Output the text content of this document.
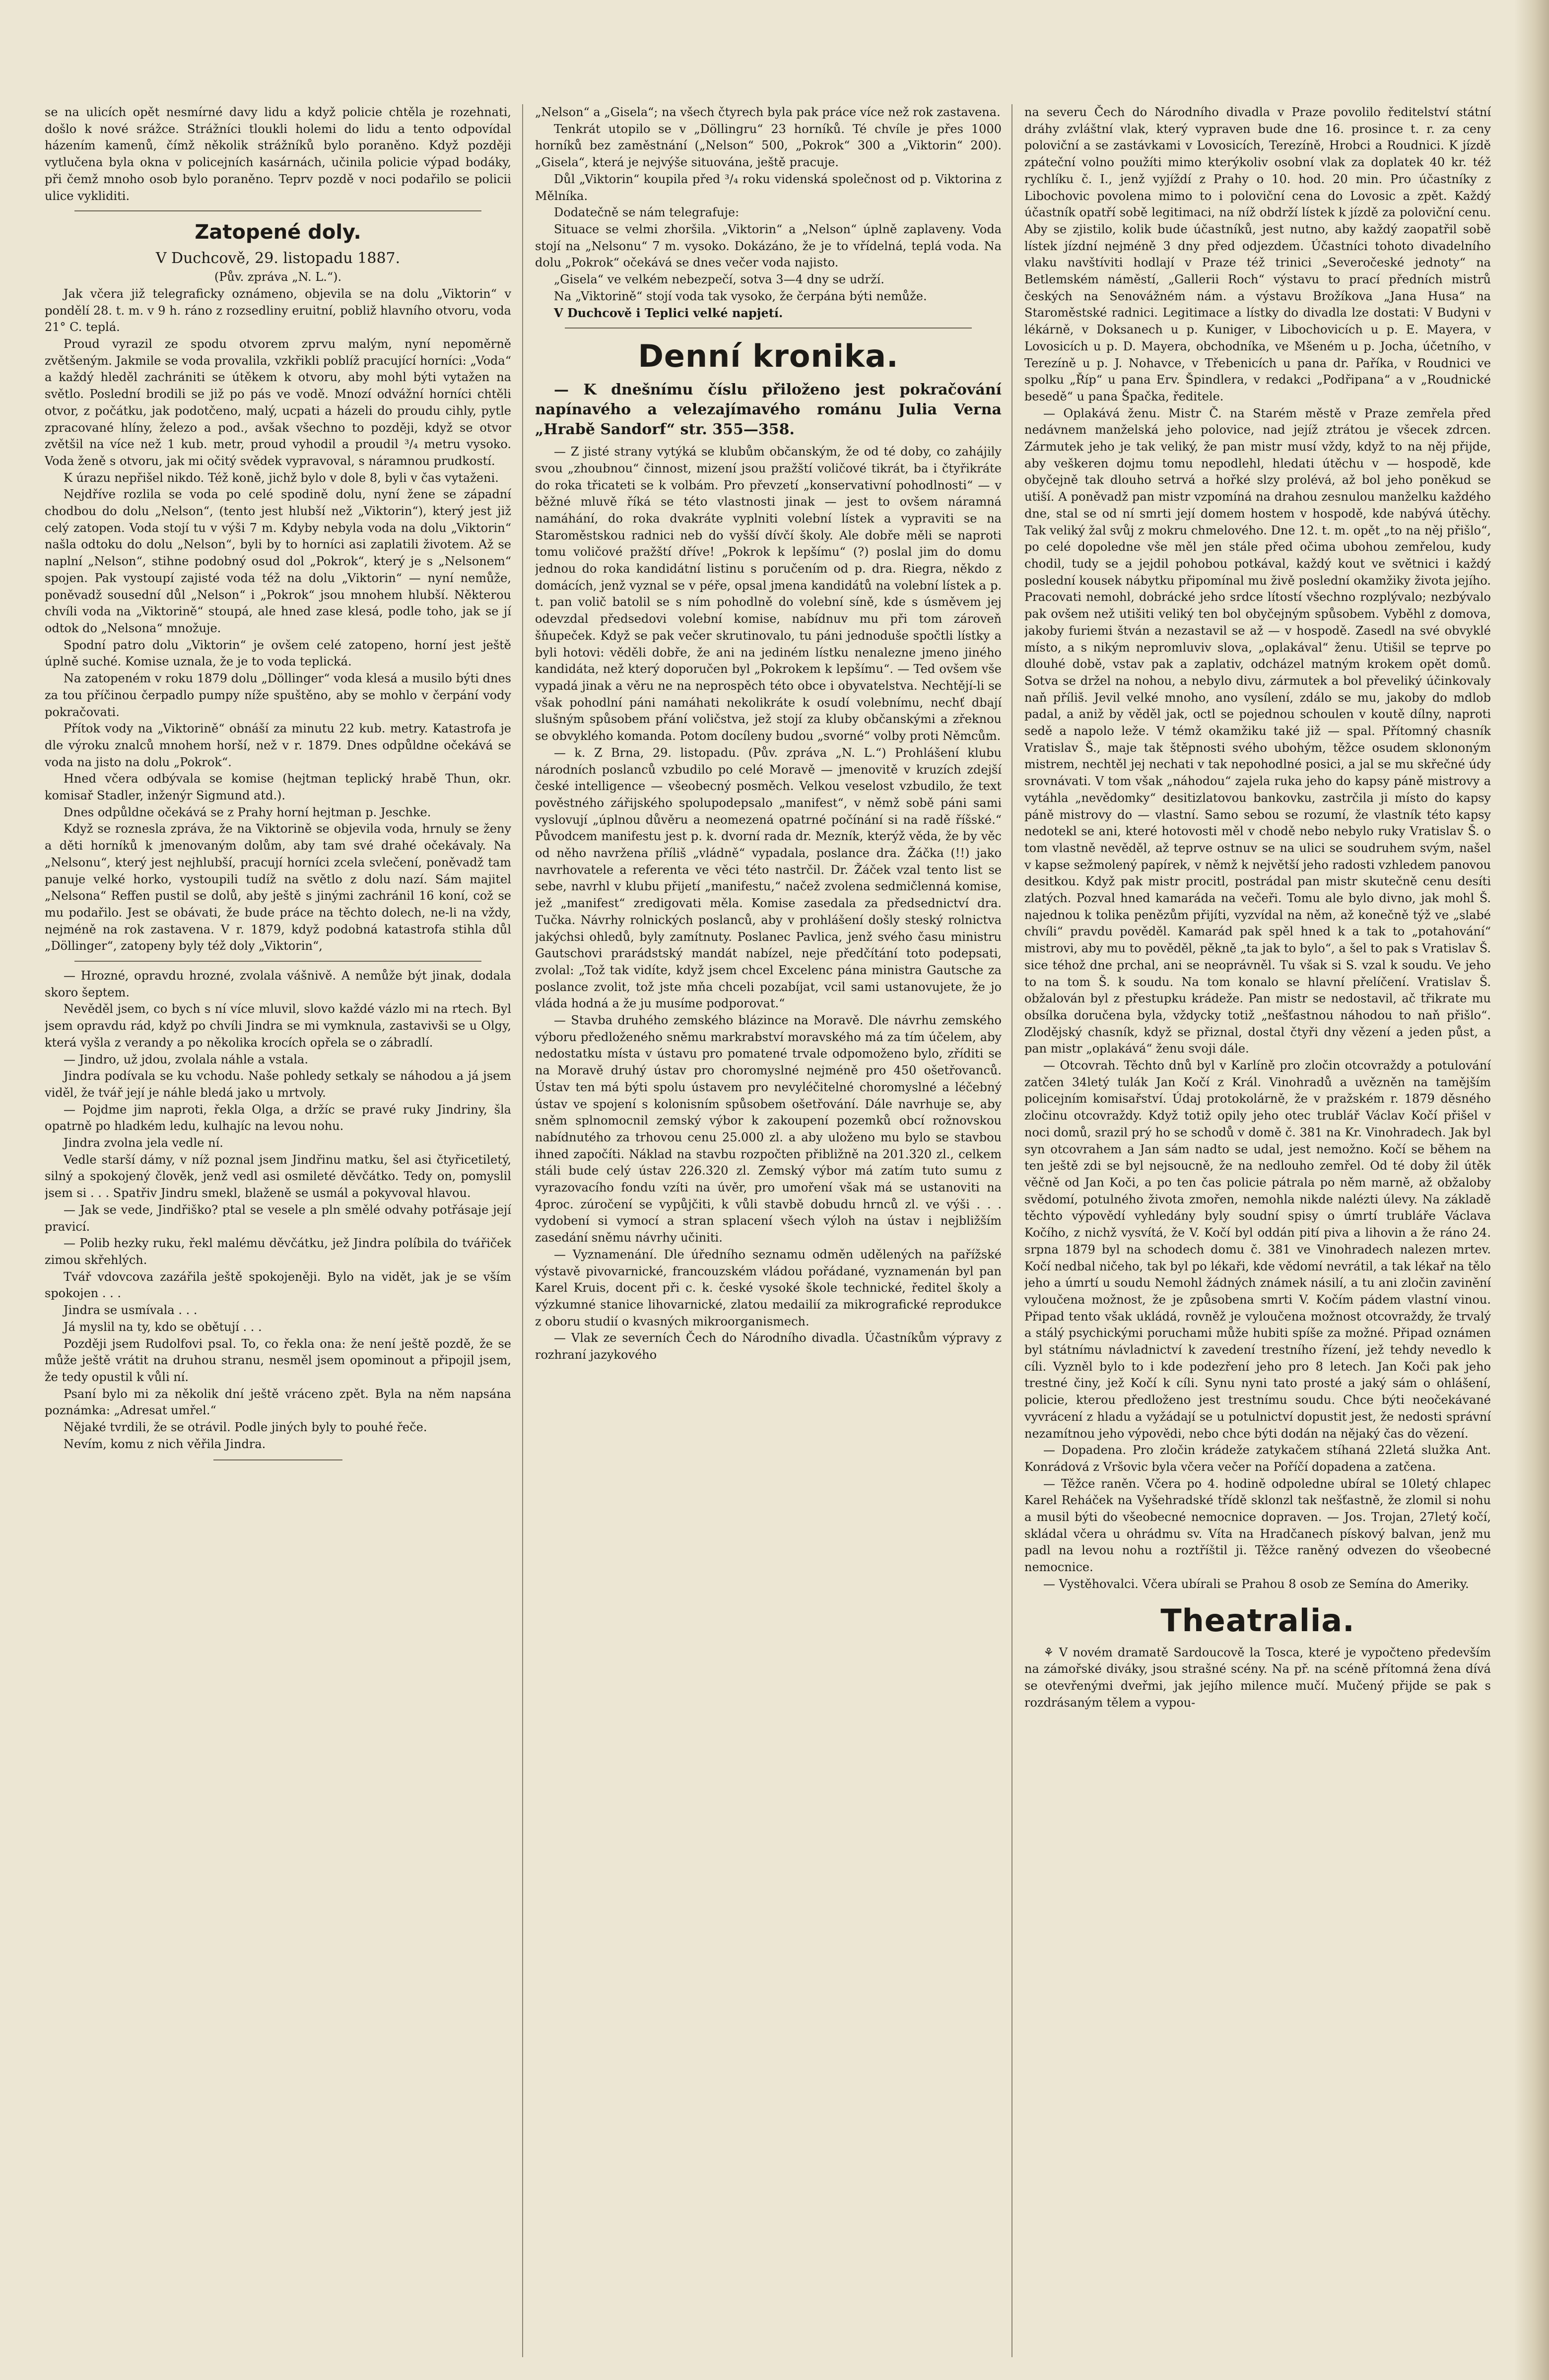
se na ulicích opět nesmírné davy lidu a když policie chtěla je rozehnati, došlo k nové srážce. Strážníci tloukli holemi do lidu a tento odpovídal házením kamenů, čímž několik strážníků bylo poraněno. Když později vytlučena byla okna v policejních kasárnách, učinila policie výpad bodáky, při čemž mnoho osob bylo poraněno. Teprv pozdě v noci podařilo se policii ulice vykliditi.

Zatopené doly.

V Duchcově, 29. listopadu 1887.

(Pův. zpráva „N. L.“).

Jak včera již telegraficky oznámeno, objevila se na dolu „Viktorin“ v pondělí 28. t. m. v 9 h. ráno z rozsedliny eruitní, pobliž hlavního otvoru, voda 21° C. teplá.

Proud vyrazil ze spodu otvorem zprvu malým, nyní nepoměrně zvětšeným. Jakmile se voda provalila, vzkřikli poblíž pracující horníci: „Voda“ a každý hleděl zachrániti se útěkem k otvoru, aby mohl býti vytažen na světlo. Poslední brodili se již po pás ve vodě. Mnozí odvážní horníci chtěli otvor, z počátku, jak podotčeno, malý, ucpati a házeli do proudu cihly, pytle zpracované hlíny, železo a pod., avšak všechno to později, když se otvor zvětšil na více než 1 kub. metr, proud vyhodil a proudil ³/₄ metru vysoko. Voda ženě s otvoru, jak mi očitý svědek vypravoval, s náramnou prudkostí.

K úrazu nepřišel nikdo. Též koně, jichž bylo v dole 8, byli v čas vytaženi.

Nejdříve rozlila se voda po celé spodině dolu, nyní žene se západní chodbou do dolu „Nelson“, (tento jest hlubší než „Viktorin“), který jest již celý zatopen. Voda stojí tu v výši 7 m. Kdyby nebyla voda na dolu „Viktorin“ našla odtoku do dolu „Nelson“, byli by to horníci asi zaplatili životem. Až se naplní „Nelson“, stihne podobný osud dol „Pokrok“, který je s „Nelsonem“ spojen. Pak vystoupí zajisté voda též na dolu „Viktorin“ — nyní nemůže, poněvadž sousední důl „Nelson“ i „Pokrok“ jsou mnohem hlubší. Některou chvíli voda na „Viktorině“ stoupá, ale hned zase klesá, podle toho, jak se jí odtok do „Nelsona“ množuje.

Spodní patro dolu „Viktorin“ je ovšem celé zatopeno, horní jest ještě úplně suché. Komise uznala, že je to voda teplická.

Na zatopeném v roku 1879 dolu „Döllinger“ voda klesá a musilo býti dnes za tou příčinou čerpadlo pumpy níže spuštěno, aby se mohlo v čerpání vody pokračovati.

Přítok vody na „Viktorině“ obnáší za minutu 22 kub. metry. Katastrofa je dle výroku znalců mnohem horší, než v r. 1879. Dnes odpůldne očekává se voda na jisto na dolu „Pokrok“.

Hned včera odbývala se komise (hejtman teplický hrabě Thun, okr. komisař Stadler, inženýr Sigmund atd.).

Dnes odpůldne očekává se z Prahy horní hejtman p. Jeschke.

Když se roznesla zpráva, že na Viktorině se objevila voda, hrnuly se ženy a děti horníků k jmenovaným dolům, aby tam své drahé očekávaly. Na „Nelsonu“, který jest nejhlubší, pracují horníci zcela svlečení, poněvadž tam panuje velké horko, vystoupili tudíž na světlo z dolu nazí. Sám majitel „Nelsona“ Reffen pustil se dolů, aby ještě s jinými zachránil 16 koní, což se mu podařilo. Jest se obávati, že bude práce na těchto dolech, ne-li na vždy, nejméně na rok zastavena. V r. 1879, když podobná katastrofa stihla důl „Döllinger“, zatopeny byly též doly „Viktorin“,

— Hrozné, opravdu hrozné, zvolala vášnivě. A nemůže být jinak, dodala skoro šeptem.

Nevěděl jsem, co bych s ní více mluvil, slovo každé vázlo mi na rtech. Byl jsem opravdu rád, když po chvíli Jindra se mi vymknula, zastavivši se u Olgy, která vyšla z verandy a po několika krocích opřela se o zábradlí.

— Jindro, už jdou, zvolala náhle a vstala.

Jindra podívala se ku vchodu. Naše pohledy setkaly se náhodou a já jsem viděl, že tvář její je náhle bledá jako u mrtvoly.

— Pojdme jim naproti, řekla Olga, a držíc se pravé ruky Jindriny, šla opatrně po hladkém ledu, kulhajíc na levou nohu.

Jindra zvolna jela vedle ní.

Vedle starší dámy, v níž poznal jsem Jindřinu matku, šel asi čtyřicetiletý, silný a spokojený člověk, jenž vedl asi osmileté děvčátko. Tedy on, pomyslil jsem si . . . Spatřiv Jindru smekl, blaženě se usmál a pokyvoval hlavou.

— Jak se vede, Jindřiško? ptal se vesele a pln smělé odvahy potřásaje její pravicí.

— Polib hezky ruku, řekl malému děvčátku, jež Jindra políbila do tvářiček zimou skřehlých.

Tvář vdovcova zazářila ještě spokojeněji. Bylo na vidět, jak je se vším spokojen . . .

Jindra se usmívala . . .

Já myslil na ty, kdo se obětují . . .

Později jsem Rudolfovi psal. To, co řekla ona: že není ještě pozdě, že se může ještě vrátit na druhou stranu, nesměl jsem opominout a připojil jsem, že tedy opustil k vůli ní.

Psaní bylo mi za několik dní ještě vráceno zpět. Byla na něm napsána poznámka: „Adresat umřel.“

Nějaké tvrdili, že se otrávil. Podle jiných byly to pouhé řeče.

Nevím, komu z nich věřila Jindra.

„Nelson“ a „Gisela“; na všech čtyrech byla pak práce více než rok zastavena.

Tenkrát utopilo se v „Döllingru“ 23 horníků. Té chvíle je přes 1000 horníků bez zaměstnání („Nelson“ 500, „Pokrok“ 300 a „Viktorin“ 200). „Gisela“, která je nejvýše situována, ještě pracuje.

Důl „Viktorin“ koupila před ³/₄ roku videnská společnost od p. Viktorina z Mělníka.

Dodatečně se nám telegrafuje:

Situace se velmi zhoršila. „Viktorin“ a „Nelson“ úplně zaplaveny. Voda stojí na „Nelsonu“ 7 m. vysoko. Dokázáno, že je to vřídelná, teplá voda. Na dolu „Pokrok“ očekává se dnes večer voda najisto.

„Gisela“ ve velkém nebezpečí, sotva 3—4 dny se udrží.

Na „Viktorině“ stojí voda tak vysoko, že čerpána býti nemůže.

V Duchcově i Teplici velké napjetí.

Denní kronika.

— K dnešnímu číslu přiloženo jest pokračování napínavého a velezajímavého románu Julia Verna „Hrabě Sandorf“ str. 355—358.

— Z jisté strany vytýká se klubům občanským, že od té doby, co zahájily svou „zhoubnou“ činnost, mizení jsou pražští voličové tikrát, ba i čtyřikráte do roka třicateti se k volbám. Pro převzetí „konservativní pohodlnosti“ — v běžné mluvě říká se této vlastnosti jinak — jest to ovšem náramná namáhání, do roka dvakráte vyplniti volební lístek a vypraviti se na Staroměstskou radnici neb do vyšší dívčí školy. Ale dobře měli se naproti tomu voličové pražští dříve! „Pokrok k lepšímu“ (?) poslal jim do domu jednou do roka kandidátní listinu s poručením od p. dra. Riegra, někdo z domácích, jenž vyznal se v péře, opsal jmena kandidátů na volební lístek a p. t. pan volič batolil se s ním pohodlně do volební síně, kde s úsměvem jej odevzdal předsedovi volební komise, nabídnuv mu při tom zároveň šňupeček. Když se pak večer skrutinovalo, tu páni jednoduše spočtli lístky a byli hotovi: věděli dobře, že ani na jediném lístku nenalezne jmeno jiného kandidáta, než který doporučen byl „Pokrokem k lepšímu“. — Ted ovšem vše vypadá jinak a věru ne na neprospěch této obce i obyvatelstva. Nechtějí-li se však pohodlní páni namáhati nekolikráte k osudí volebnímu, nechť dbají slušným spůsobem přání voličstva, jež stojí za kluby občanskými a zřeknou se obvyklého komanda. Potom docíleny budou „svorné“ volby proti Němcům.

— k. Z Brna, 29. listopadu. (Pův. zpráva „N. L.“) Prohlášení klubu národních poslanců vzbudilo po celé Moravě — jmenovitě v kruzích zdejší české intelligence — všeobecný posměch. Velkou veselost vzbudilo, že text pověstného zářijského spolupodepsalo „manifest“, v němž sobě páni sami vyslovují „úplnou důvěru a neomezená opatrné počínání si na radě říšské.“ Původcem manifestu jest p. k. dvorní rada dr. Mezník, kterýž věda, že by věc od něho navržena příliš „vládně“ vypadala, poslance dra. Žáčka (!!) jako navrhovatele a referenta ve věci této nastrčil. Dr. Žáček vzal tento list se sebe, navrhl v klubu přijetí „manifestu,“ načež zvolena sedmičlenná komise, jež „manifest“ zredigovati měla. Komise zasedala za předsednictví dra. Tučka. Návrhy rolnických poslanců, aby v prohlášení došly steský rolnictva jakýchsi ohledů, byly zamítnuty. Poslanec Pavlica, jenž svého času ministru Gautschovi prarádstský mandát nabízel, neje předčítání toto podepsati, zvolal: „Tož tak vidíte, když jsem chcel Excelenc pána ministra Gautsche za poslance zvolit, tož jste mňa chceli pozabíjat, vcil sami ustanovujete, že jo vláda hodná a že ju musíme podporovat.“

— Stavba druhého zemského blázince na Moravě. Dle návrhu zemského výboru předloženého sněmu markrabství moravského má za tím účelem, aby nedostatku místa v ústavu pro pomatené trvale odpomoženo bylo, zříditi se na Moravě druhý ústav pro choromyslné nejméně pro 450 ošetřovanců. Ústav ten má býti spolu ústavem pro nevyléčitelné choromyslné a léčebný ústav ve spojení s kolonisním spůsobem ošetřování. Dále navrhuje se, aby sněm splnomocnil zemský výbor k zakoupení pozemků obcí rožnovskou nabídnutého za trhovou cenu 25.000 zl. a aby uloženo mu bylo se stavbou ihned započíti. Náklad na stavbu rozpočten přibližně na 201.320 zl., celkem stáli bude celý ústav 226.320 zl. Zemský výbor má zatím tuto sumu z vyrazovacího fondu vzíti na úvěr, pro umoření však má se ustanoviti na 4proc. zúročení se vypůjčiti, k vůli stavbě dobudu hrnců zl. ve výši . . . vydobení si vymocí a stran splacení všech výloh na ústav i nejbližším zasedání sněmu návrhy učiniti.

— Vyznamenání. Dle úředního seznamu odměn udělených na pařížské výstavě pivovarnické, francouzském vládou pořádané, vyznamenán byl pan Karel Kruis, docent při c. k. české vysoké škole technické, ředitel školy a výzkumné stanice lihovarnické, zlatou medailií za mikrografické reprodukce z oboru studií o kvasných mikroorganismech.

— Vlak ze severních Čech do Národního divadla. Účastníkům výpravy z rozhraní jazykového

na severu Čech do Národního divadla v Praze povolilo ředitelství státní dráhy zvláštní vlak, který vypraven bude dne 16. prosince t. r. za ceny poloviční a se zastávkami v Lovosicích, Terezíně, Hrobci a Roudnici. K jízdě zpáteční volno použíti mimo kterýkoliv osobní vlak za doplatek 40 kr. též rychlíku č. I., jenž vyjíždí z Prahy o 10. hod. 20 min. Pro účastníky z Libochovic povolena mimo to i poloviční cena do Lovosic a zpět. Každý účastník opatří sobě legitimaci, na níž obdrží lístek k jízdě za poloviční cenu. Aby se zjistilo, kolik bude účastníků, jest nutno, aby každý zaopatřil sobě lístek jízdní nejméně 3 dny před odjezdem. Účastníci tohoto divadelního vlaku navštíviti hodlají v Praze též trinici „Severočeské jednoty“ na Betlemském náměstí, „Gallerii Roch“ výstavu to prací předních mistrů českých na Senovážném nám. a výstavu Brožíkova „Jana Husa“ na Staroměstské radnici. Legitimace a lístky do divadla lze dostati: V Budyni v lékárně, v Doksanech u p. Kuniger, v Libochovicích u p. E. Mayera, v Lovosicích u p. D. Mayera, obchodníka, ve Mšeném u p. Jocha, účetního, v Terezíně u p. J. Nohavce, v Třebenicích u pana dr. Paříka, v Roudnici ve spolku „Říp“ u pana Erv. Špindlera, v redakci „Podřipana“ a v „Roudnické besedě“ u pana Špačka, ředitele.

— Oplakává ženu. Mistr Č. na Starém městě v Praze zemřela před nedávnem manželská jeho polovice, nad jejíž ztrátou je všecek zdrcen. Zármutek jeho je tak veliký, že pan mistr musí vždy, když to na něj přijde, aby veškeren dojmu tomu nepodlehl, hledati útěchu v — hospodě, kde obyčejně tak dlouho setrvá a hořké slzy prolévá, až bol jeho poněkud se utiší. A poněvadž pan mistr vzpomíná na drahou zesnulou manželku každého dne, stal se od ní smrti její domem hostem v hospodě, kde nabývá útěchy. Tak veliký žal svůj z mokru chmelového. Dne 12. t. m. opět „to na něj přišlo“, po celé dopoledne vše měl jen stále před očima ubohou zemřelou, kudy chodil, tudy se a jejdil pohobou potkával, každý kout ve světnici i každý poslední kousek nábytku připomínal mu živě poslední okamžiky života jejího. Pracovati nemohl, dobrácké jeho srdce lítostí všechno rozplývalo; nezbývalo pak ovšem než utišiti veliký ten bol obyčejným spůsobem. Vyběhl z domova, jakoby furiemi štván a nezastavil se až — v hospodě. Zasedl na své obvyklé místo, a s nikým nepromluviv slova, „oplakával“ ženu. Utišil se teprve po dlouhé době, vstav pak a zaplativ, odcházel matným krokem opět domů. Sotva se držel na nohou, a nebylo divu, zármutek a bol převeliký účinkovaly naň příliš. Jevil velké mnoho, ano vysílení, zdálo se mu, jakoby do mdlob padal, a aniž by věděl jak, octl se pojednou schoulen v koutě dílny, naproti sedě a napolo leže. V témž okamžiku také již — spal. Přítomný chasník Vratislav Š., maje tak štěpnosti svého ubohým, těžce osudem sklononým mistrem, nechtěl jej nechati v tak nepohodlné posici, a jal se mu skřečné údy srovnávati. V tom však „náhodou“ zajela ruka jeho do kapsy páně mistrovy a vytáhla „nevědomky“ desitizlatovou bankovku, zastrčila ji místo do kapsy páně mistrovy do — vlastní. Samo sebou se rozumí, že vlastník této kapsy nedotekl se ani, které hotovosti měl v chodě nebo nebylo ruky Vratislav Š. o tom vlastně nevěděl, až teprve ostnuv se na ulici se soudruhem svým, našel v kapse sežmolený papírek, v němž k největší jeho radosti vzhledem panovou desitkou. Když pak mistr procitl, postrádal pan mistr skutečně cenu desíti zlatých. Pozval hned kamaráda na večeři. Tomu ale bylo divno, jak mohl Š. najednou k tolika penězům přijíti, vyzvídal na něm, až konečně týž ve „slabé chvíli“ pravdu pověděl. Kamarád pak spěl hned k a tak to „potahování“ mistrovi, aby mu to pověděl, pěkně „ta jak to bylo“, a šel to pak s Vratislav Š. sice téhož dne prchal, ani se neoprávněl. Tu však si S. vzal k soudu. Ve jeho to na tom Š. k soudu. Na tom konalo se hlavní přelíčení. Vratislav Š. obžalován byl z přestupku krádeže. Pan mistr se nedostavil, ač třikrate mu obsílka doručena byla, vždycky totiž „nešťastnou náhodou to naň přišlo“. Zlodějský chasník, když se přiznal, dostal čtyři dny vězení a jeden půst, a pan mistr „oplakává“ ženu svoji dále.

— Otcovrah. Těchto dnů byl v Karlíně pro zločin otcovraždy a potulování zatčen 34letý tulák Jan Kočí z Král. Vinohradů a uvězněn na tamějším policejním komisařství. Údaj protokolárně, že v pražském r. 1879 děsného zločinu otcovraždy. Když totiž opily jeho otec trublář Václav Kočí přišel v noci domů, srazil prý ho se schodů v domě č. 381 na Kr. Vinohradech. Jak byl syn otcovrahem a Jan sám nadto se udal, jest nemožno. Kočí se během na ten ještě zdi se byl nejsoucně, že na nedlouho zemřel. Od té doby žil útěk věčně od Jan Koči, a po ten čas policie pátrala po něm marně, až obžaloby svědomí, potulného života zmořen, nemohla nikde nalézti úlevy. Na základě těchto výpovědí vyhledány byly soudní spisy o úmrtí trubláře Václava Kočího, z nichž vysvítá, že V. Kočí byl oddán pití piva a lihovin a že ráno 24. srpna 1879 byl na schodech domu č. 381 ve Vinohradech nalezen mrtev. Kočí nedbal ničeho, tak byl po lékaři, kde vědomí nevrátil, a tak lékař na tělo jeho a úmrtí u soudu Nemohl žádných známek násilí, a tu ani zločin zavinění vyloučena možnost, že je způsobena smrti V. Kočím pádem vlastní vinou. Připad tento však ukládá, rovněž je vyloučena možnost otcovraždy, že trvalý a stálý psychickými poruchami může hubiti spíše za možné. Připad oznámen byl státnímu návladnictví k zavedení trestního řízení, jež tehdy nevedlo k cíli. Vyzněl bylo to i kde podezření jeho pro 8 letech. Jan Koči pak jeho trestné činy, jež Kočí k cíli. Synu nyni tato prosté a jaký sám o ohlášení, policie, kterou předloženo jest trestnímu soudu. Chce býti neočekávané vyvrácení z hladu a vyžádají se u potulnictví dopustit jest, že nedosti správní nezamítnou jeho výpovědi, nebo chce býti dodán na nějaký čas do vězení.

— Dopadena. Pro zločin krádeže zatykačem stíhaná 22letá služka Ant. Konrádová z Vršovic byla včera večer na Poříčí dopadena a zatčena.

— Těžce raněn. Včera po 4. hodině odpoledne ubíral se 10letý chlapec Karel Reháček na Vyšehradské třídě sklonzl tak nešťastně, že zlomil si nohu a musil býti do všeobecné nemocnice dopraven. — Jos. Trojan, 27letý kočí, skládal včera u ohrádmu sv. Víta na Hradčanech pískový balvan, jenž mu padl na levou nohu a roztříštil ji. Těžce raněný odvezen do všeobecné nemocnice.

— Vystěhovalci. Včera ubírali se Prahou 8 osob ze Semína do Ameriky.

Theatralia.

⚘ V novém dramatě Sardoucově la Tosca, které je vypočteno především na zámořské diváky, jsou strašné scény. Na př. na scéně přítomná žena dívá se otevřenými dveřmi, jak jejího milence mučí. Mučený přijde se pak s rozdrásaným tělem a vypou-
